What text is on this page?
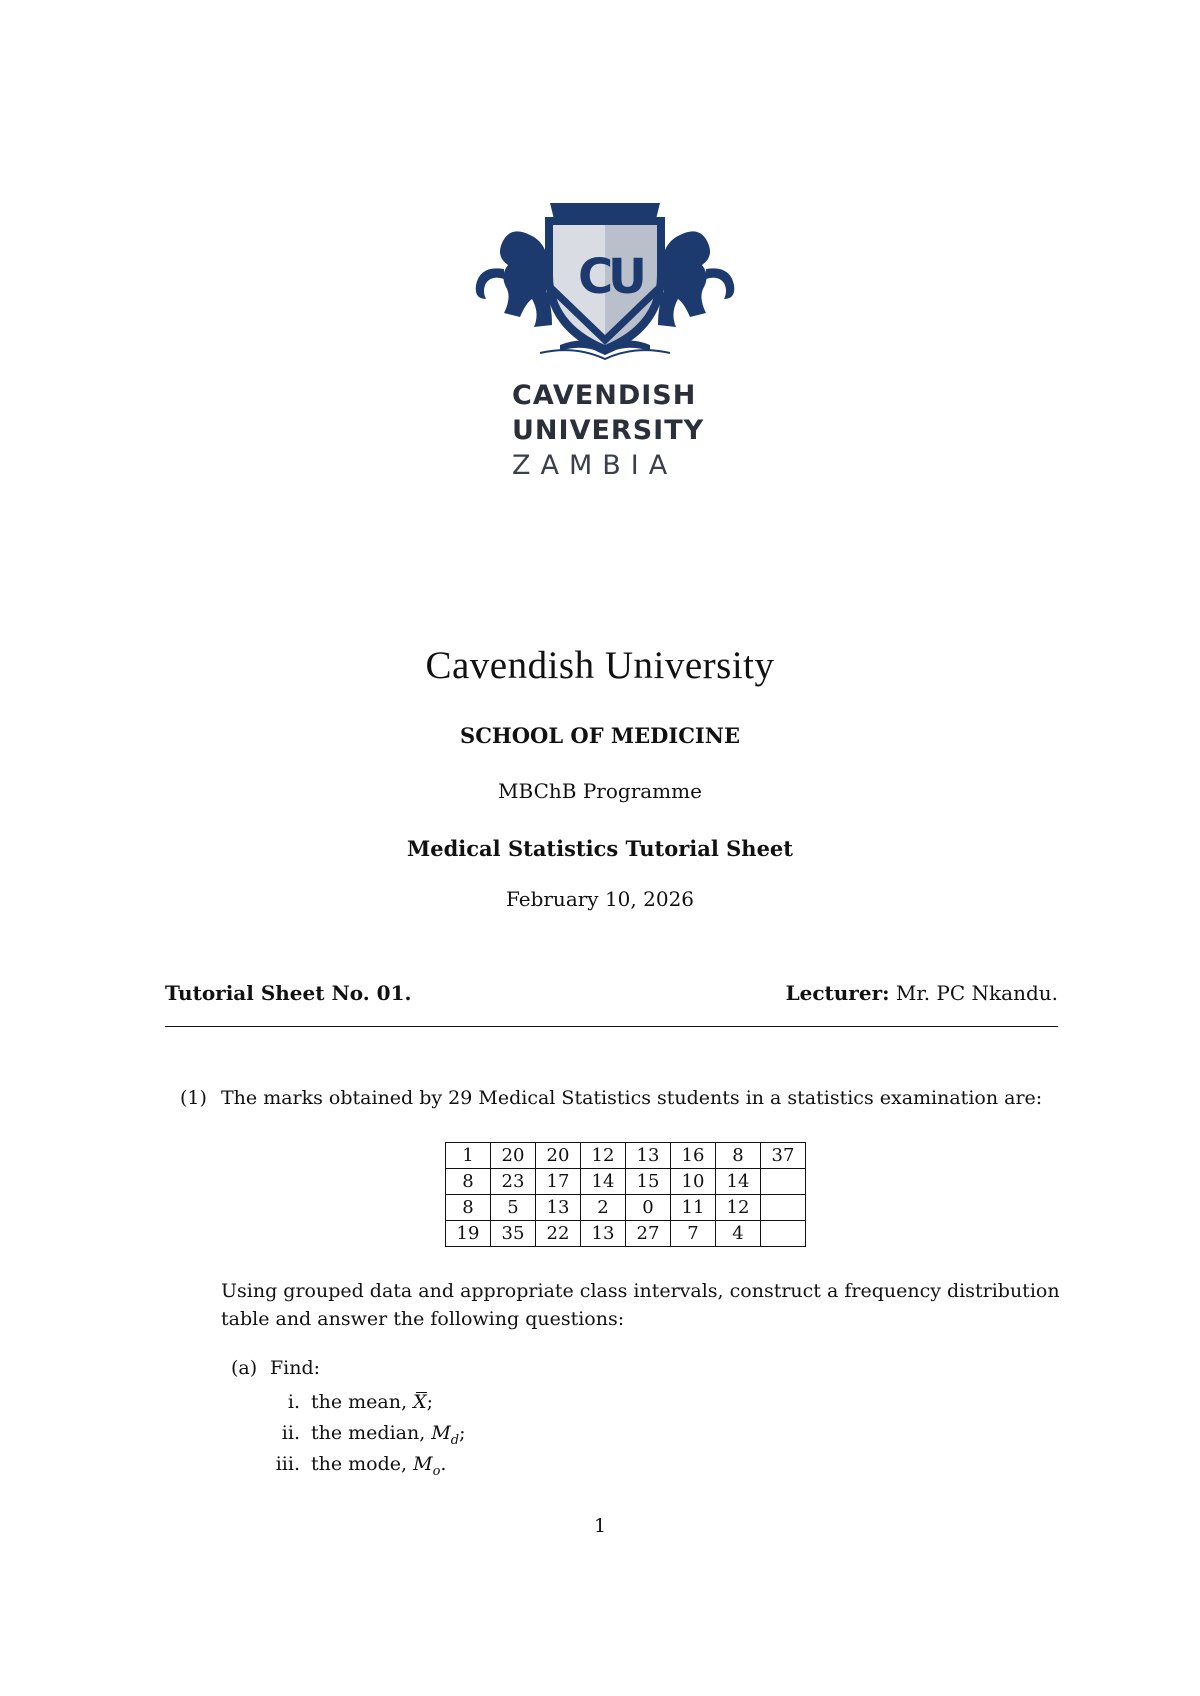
C
U
CAVENDISH
UNIVERSITY
ZAMBIA
Cavendish University
SCHOOL OF MEDICINE
MBChB Programme
Medical Statistics Tutorial Sheet
February 10, 2026
Tutorial Sheet No. 01.	Lecturer: Mr. PC Nkandu.
(1) The marks obtained by 29 Medical Statistics students in a statistics examination are:
1	20	20	12	13	16	8	37
8	23	17	14	15	10	14	
8	5	13	2	0	11	12	
19	35	22	13	27	7	4	
Using grouped data and appropriate class intervals, construct a frequency distribution table and answer the following questions:
(a) Find:
i. the mean, X;
ii. the median, $M_d$;
iii. the mode, $M_o$.
1
